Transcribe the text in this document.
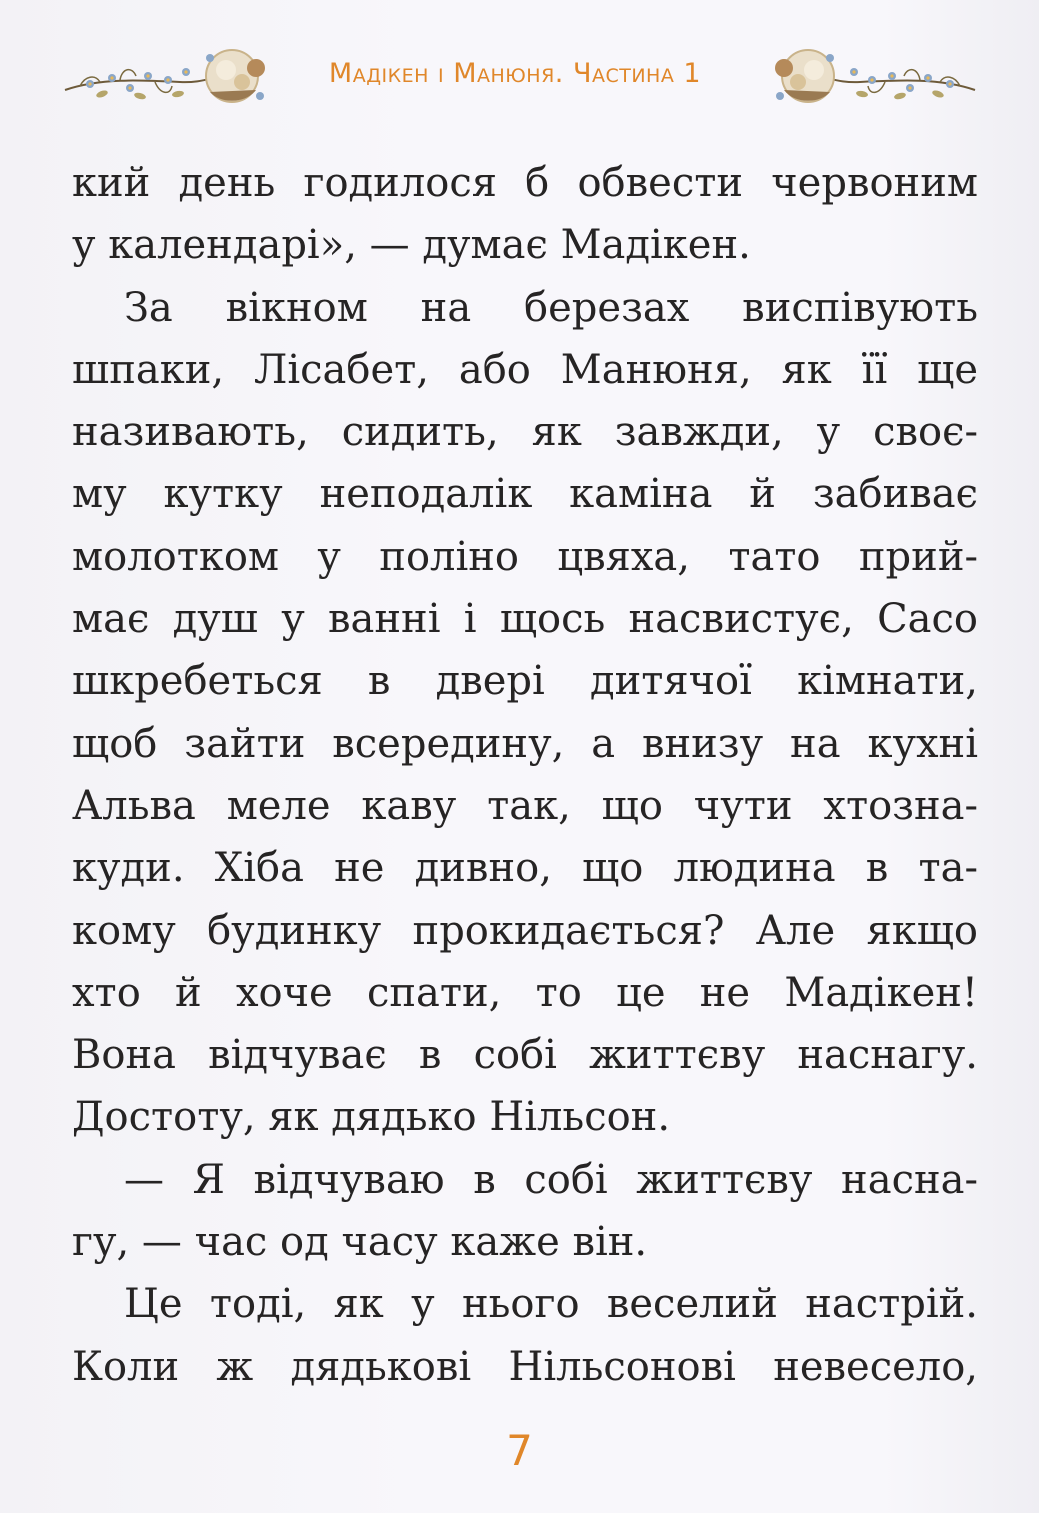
Мадікен і Манюня. Частина 1
кий день годилося б обвести червоним
у календарі», — думає Мадікен.
За вікном на березах виспівують
шпаки, Лісабет, або Манюня, як її ще
називають, сидить, як завжди, у своє-
му кутку неподалік каміна й забиває
молотком у поліно цвяха, тато прий-
має душ у ванні і щось насвистує, Сасо
шкребеться в двері дитячої кімнати,
щоб зайти всередину, а внизу на кухні
Альва меле каву так, що чути хтозна-
куди. Хіба не дивно, що людина в та-
кому будинку прокидається? Але якщо
хто й хоче спати, то це не Мадікен!
Вона відчуває в собі життєву наснагу.
Достоту, як дядько Нільсон.
— Я відчуваю в собі життєву насна-
гу, — час од часу каже він.
Це тоді, як у нього веселий настрій.
Коли ж дядькові Нільсонові невесело,
7
